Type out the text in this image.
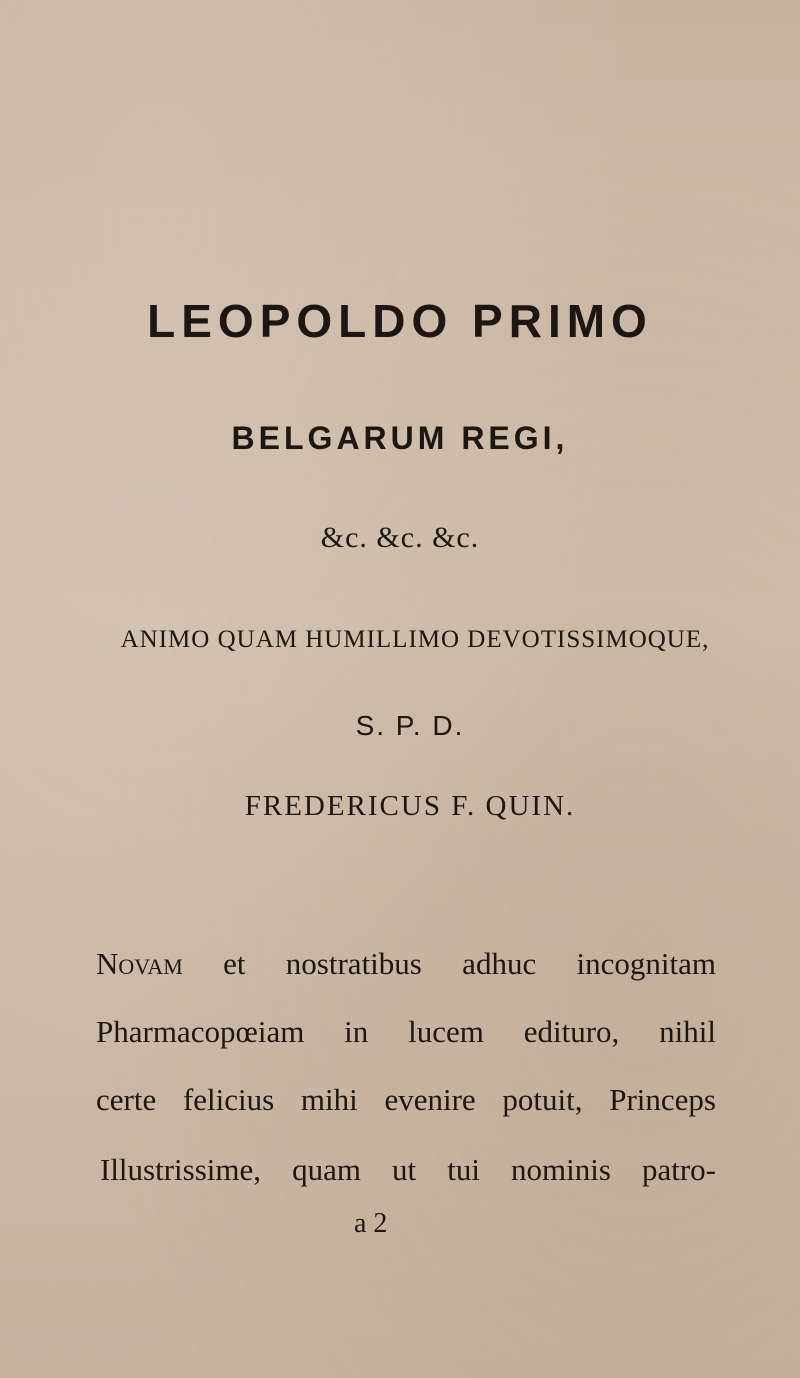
LEOPOLDO PRIMO
BELGARUM REGI,
&c. &c. &c.
ANIMO QUAM HUMILLIMO DEVOTISSIMOQUE,
S. P. D.
FREDERICUS F. QUIN.
Novam et nostratibus adhuc incognitam
Pharmacopœiam in lucem edituro, nihil
certe felicius mihi evenire potuit, Princeps
Illustrissime, quam ut tui nominis patro-
a 2
